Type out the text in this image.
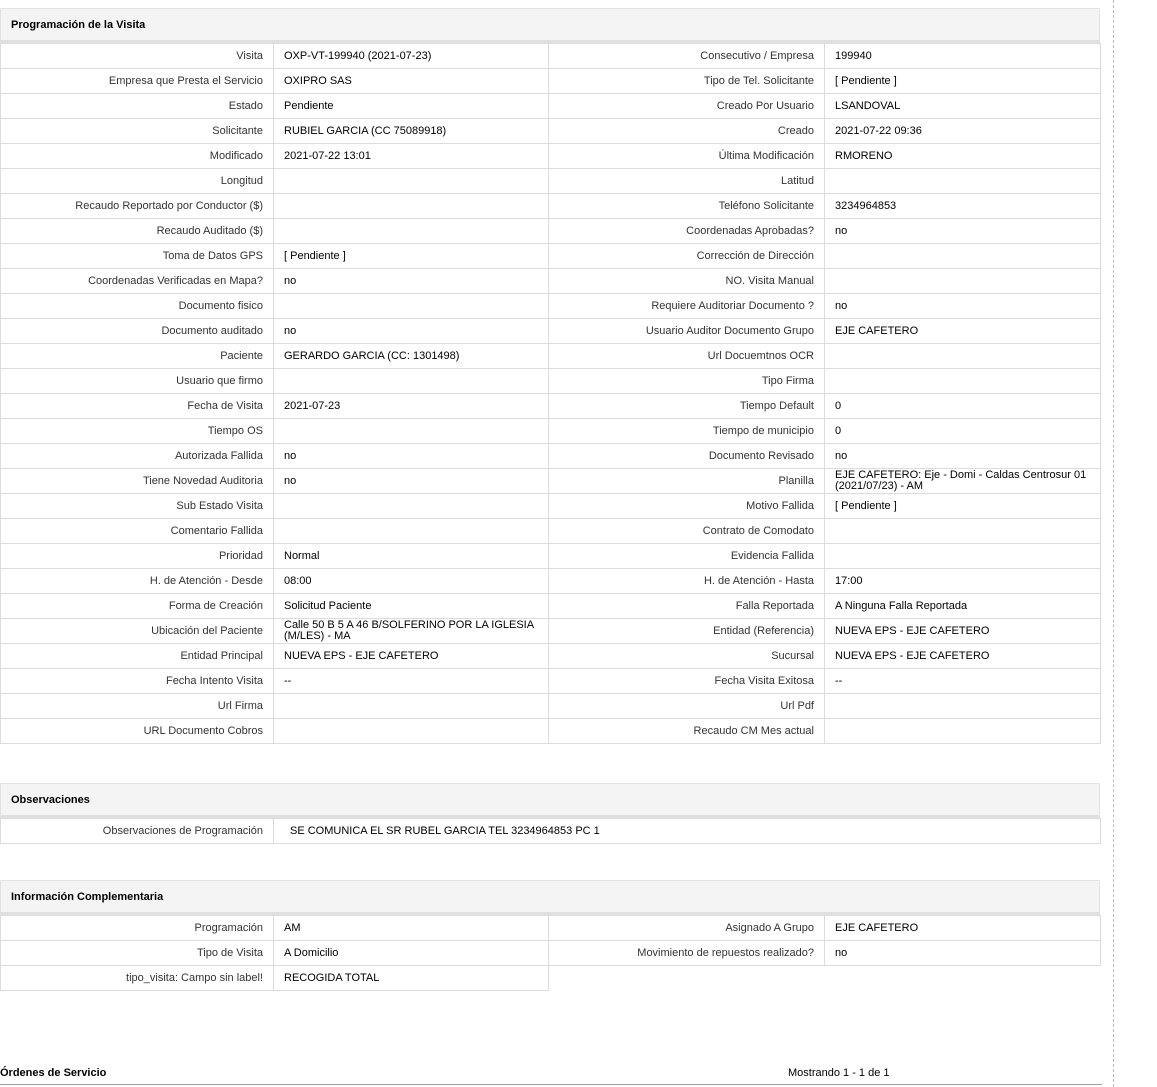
Programación de la Visita
Visita	OXP-VT-199940 (2021-07-23)	Consecutivo / Empresa	199940
Empresa que Presta el Servicio	OXIPRO SAS	Tipo de Tel. Solicitante	[ Pendiente ]
Estado	Pendiente	Creado Por Usuario	LSANDOVAL
Solicitante	RUBIEL GARCIA (CC 75089918)	Creado	2021-07-22 09:36
Modificado	2021-07-22 13:01	Última Modificación	RMORENO
Longitud		Latitud	
Recaudo Reportado por Conductor ($)		Teléfono Solicitante	3234964853
Recaudo Auditado ($)		Coordenadas Aprobadas?	no
Toma de Datos GPS	[ Pendiente ]	Corrección de Dirección	
Coordenadas Verificadas en Mapa?	no	NO. Visita Manual	
Documento fisico		Requiere Auditoriar Documento ?	no
Documento auditado	no	Usuario Auditor Documento Grupo	EJE CAFETERO
Paciente	GERARDO GARCIA (CC: 1301498)	Url Docuemtnos OCR	
Usuario que firmo		Tipo Firma	
Fecha de Visita	2021-07-23	Tiempo Default	0
Tiempo OS		Tiempo de municipio	0
Autorizada Fallida	no	Documento Revisado	no
Tiene Novedad Auditoria	no	Planilla	EJE CAFETERO: Eje - Domi - Caldas Centrosur 01 (2021/07/23) - AM
Sub Estado Visita		Motivo Fallida	[ Pendiente ]
Comentario Fallida		Contrato de Comodato	
Prioridad	Normal	Evidencia Fallida	
H. de Atención - Desde	08:00	H. de Atención - Hasta	17:00
Forma de Creación	Solicitud Paciente	Falla Reportada	A Ninguna Falla Reportada
Ubicación del Paciente	Calle 50 B 5 A 46 B/SOLFERINO POR LA IGLESIA (M/LES) - MA	Entidad (Referencia)	NUEVA EPS - EJE CAFETERO
Entidad Principal	NUEVA EPS - EJE CAFETERO	Sucursal	NUEVA EPS - EJE CAFETERO
Fecha Intento Visita	--	Fecha Visita Exitosa	--
Url Firma		Url Pdf	
URL Documento Cobros		Recaudo CM Mes actual	
Observaciones
Observaciones de Programación	SE COMUNICA EL SR RUBEL GARCIA TEL 3234964853 PC 1
Información Complementaria
Programación	AM	Asignado A Grupo	EJE CAFETERO
Tipo de Visita	A Domicilio	Movimiento de repuestos realizado?	no
tipo_visita: Campo sin label!	RECOGIDA TOTAL		
Órdenes de Servicio	Mostrando 1 - 1 de 1
